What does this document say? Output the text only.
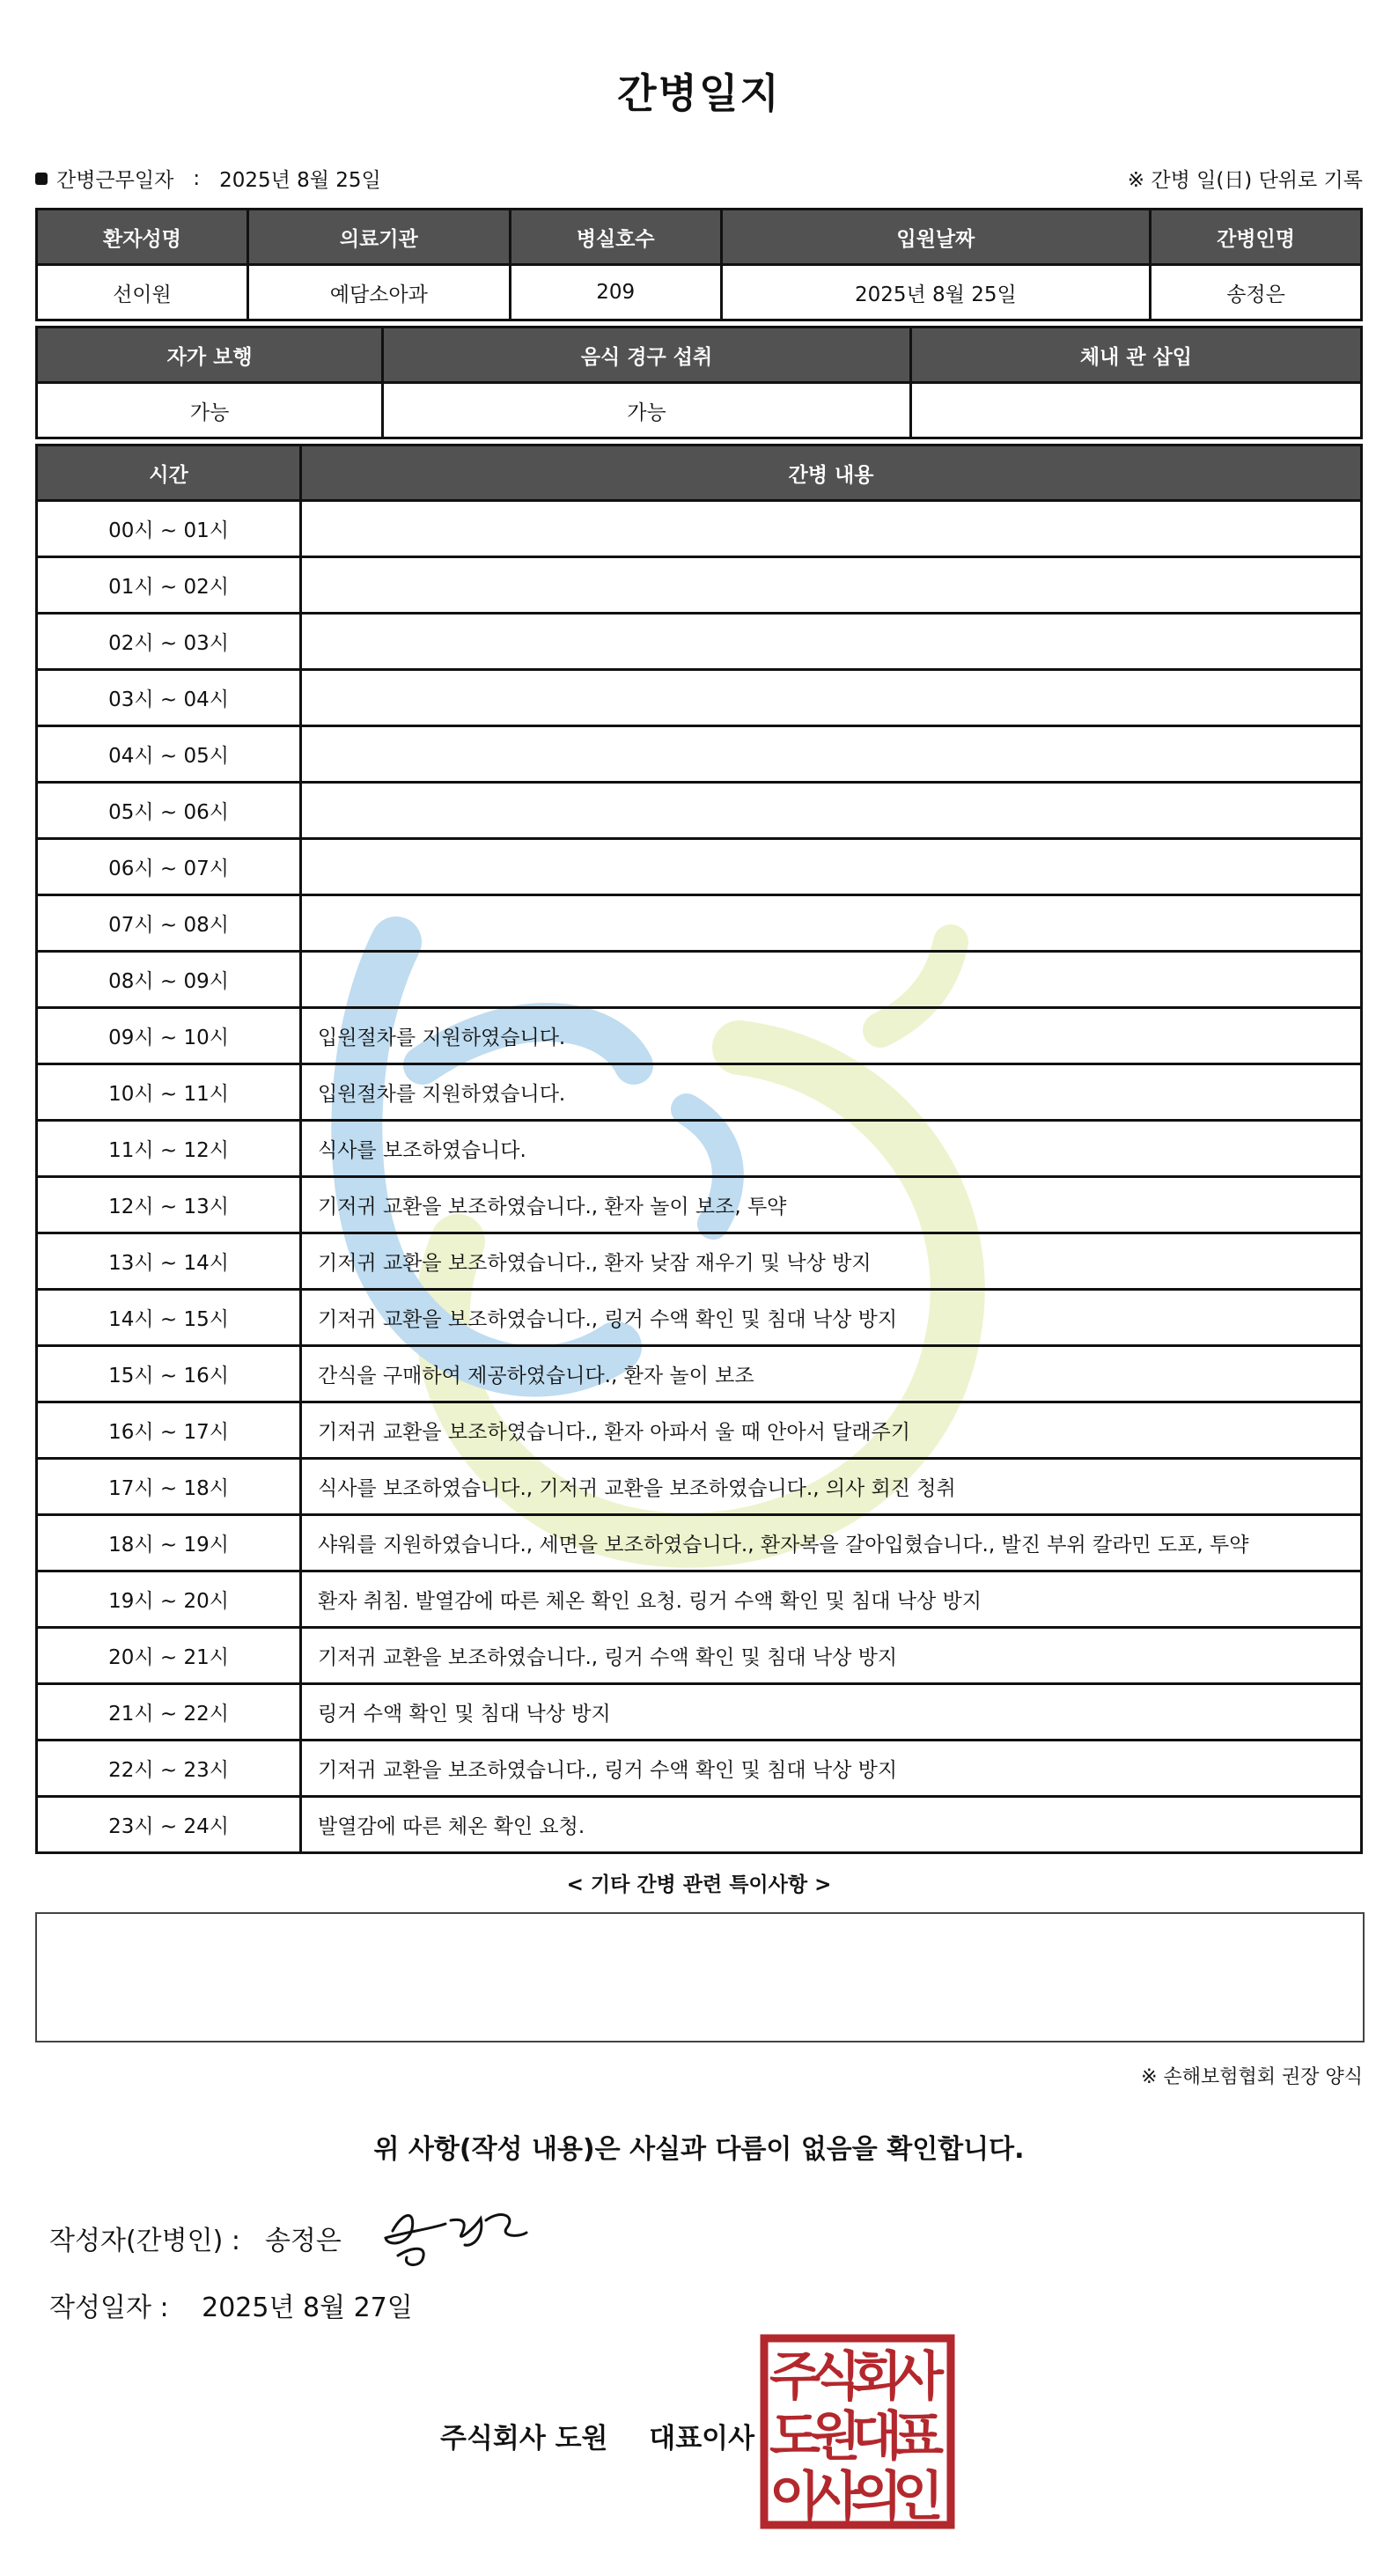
간병일지
간병근무일자 : 2025년 8월 25일	※ 간병 일(日) 단위로 기록
환자성명	의료기관	병실호수	입원날짜	간병인명
선이원	예담소아과	209	2025년 8월 25일	송정은
자가 보행	음식 경구 섭취	체내 관 삽입
가능	가능	
시간	간병 내용
00시 ~ 01시	
01시 ~ 02시	
02시 ~ 03시	
03시 ~ 04시	
04시 ~ 05시	
05시 ~ 06시	
06시 ~ 07시	
07시 ~ 08시	
08시 ~ 09시	
09시 ~ 10시	입원절차를 지원하였습니다.
10시 ~ 11시	입원절차를 지원하였습니다.
11시 ~ 12시	식사를 보조하였습니다.
12시 ~ 13시	기저귀 교환을 보조하였습니다., 환자 놀이 보조, 투약
13시 ~ 14시	기저귀 교환을 보조하였습니다., 환자 낮잠 재우기 및 낙상 방지
14시 ~ 15시	기저귀 교환을 보조하였습니다., 링거 수액 확인 및 침대 낙상 방지
15시 ~ 16시	간식을 구매하여 제공하였습니다., 환자 놀이 보조
16시 ~ 17시	기저귀 교환을 보조하였습니다., 환자 아파서 울 때 안아서 달래주기
17시 ~ 18시	식사를 보조하였습니다., 기저귀 교환을 보조하였습니다., 의사 회진 청취
18시 ~ 19시	샤워를 지원하였습니다., 세면을 보조하였습니다., 환자복을 갈아입혔습니다., 발진 부위 칼라민 도포, 투약
19시 ~ 20시	환자 취침. 발열감에 따른 체온 확인 요청. 링거 수액 확인 및 침대 낙상 방지
20시 ~ 21시	기저귀 교환을 보조하였습니다., 링거 수액 확인 및 침대 낙상 방지
21시 ~ 22시	링거 수액 확인 및 침대 낙상 방지
22시 ~ 23시	기저귀 교환을 보조하였습니다., 링거 수액 확인 및 침대 낙상 방지
23시 ~ 24시	발열감에 따른 체온 확인 요청.
< 기타 간병 관련 특이사항 >
※ 손해보험협회 권장 양식
위 사항(작성 내용)은 사실과 다름이 없음을 확인합니다.
작성자(간병인) : 송정은
작성일자 : 2025년 8월 27일
주식회사 도원 대표이사
주
식
회
사
도
원
대
표
이
사
의
인
